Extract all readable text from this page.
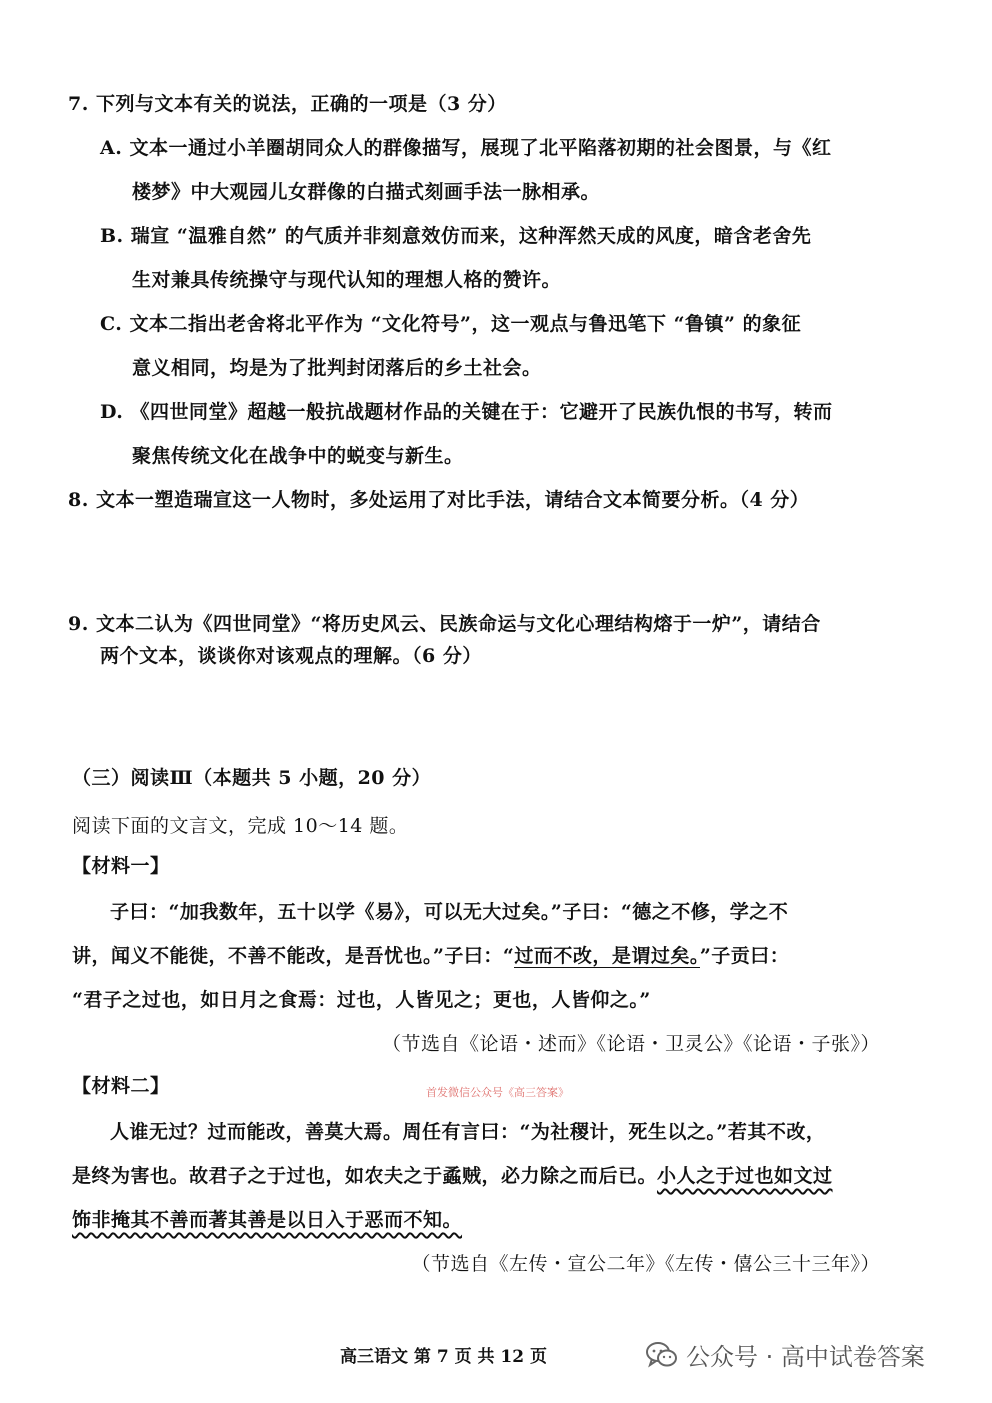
7. 下列与文本有关的说法，正确的一项是（3 分）
A. 文本一通过小羊圈胡同众人的群像描写，展现了北平陷落初期的社会图景，与《红
楼梦》中大观园儿女群像的白描式刻画手法一脉相承。
B. 瑞宣 “温雅自然” 的气质并非刻意效仿而来，这种浑然天成的风度，暗含老舍先
生对兼具传统操守与现代认知的理想人格的赞许。
C. 文本二指出老舍将北平作为 “文化符号”，这一观点与鲁迅笔下 “鲁镇” 的象征
意义相同，均是为了批判封闭落后的乡土社会。
D. 《四世同堂》超越一般抗战题材作品的关键在于：它避开了民族仇恨的书写，转而
聚焦传统文化在战争中的蜕变与新生。
8. 文本一塑造瑞宣这一人物时，多处运用了对比手法，请结合文本简要分析。（4 分）
9. 文本二认为《四世同堂》“将历史风云、民族命运与文化心理结构熔于一炉”，请结合
两个文本，谈谈你对该观点的理解。（6 分）
（三）阅读Ⅲ（本题共 5 小题，20 分）
阅读下面的文言文，完成 10～14 题。
【材料一】
子曰：“加我数年，五十以学《易》，可以无大过矣。”子曰：“德之不修，学之不
讲，闻义不能徙，不善不能改，是吾忧也。”子曰：“过而不改，是谓过矣。”子贡曰：
“君子之过也，如日月之食焉：过也，人皆见之；更也，人皆仰之。”
（节选自《论语・述而》《论语・卫灵公》《论语・子张》）
【材料二】	首发微信公众号《高三答案》
人谁无过？过而能改，善莫大焉。周任有言曰：“为社稷计，死生以之。”若其不改，
是终为害也。故君子之于过也，如农夫之于蟊贼，必力除之而后已。小人之于过也如文过
饰非掩其不善而著其善是以日入于恶而不知。
（节选自《左传・宣公二年》《左传・僖公三十三年》）
高三语文 第 7 页 共 12 页	公众号 · 高中试卷答案
